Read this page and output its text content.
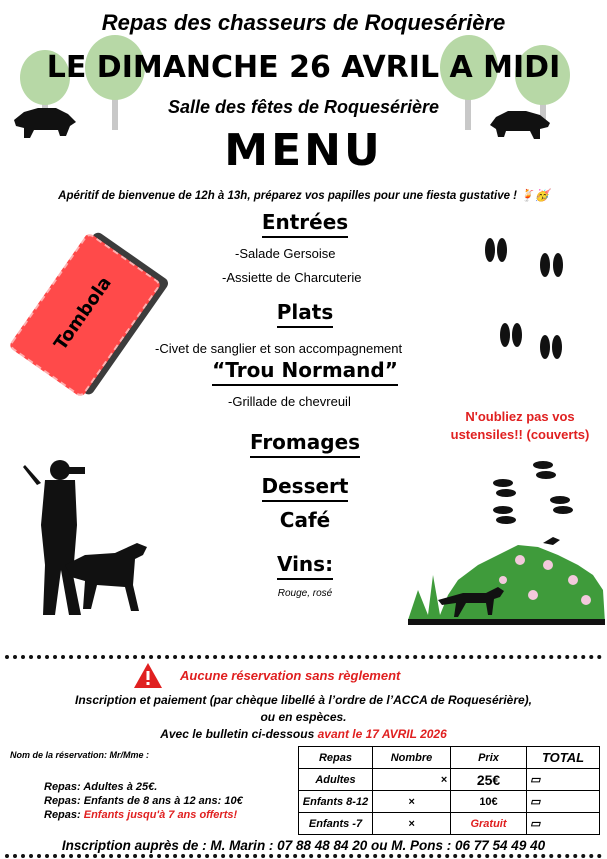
Repas des chasseurs de Roquesérière
LE DIMANCHE 26 AVRIL A MIDI
Salle des fêtes de Roquesérière
MENU
Apéritif de bienvenue de 12h à 13h, préparez vos papilles pour une fiesta gustative ! 🍹🥳
Tombola
Entrées
-Salade Gersoise
-Assiette de Charcuterie
Plats
-Civet de sanglier et son accompagnement
“Trou Normand”
-Grillade de chevreuil
Fromages
Dessert
Café
Vins:
Rouge, rosé
N'oubliez pas vos ustensiles!! (couverts)
Aucune réservation sans règlement
Inscription et paiement (par chèque libellé à l’ordre de l’ACCA de Roquesérière),
ou en espèces.
Avec le bulletin ci-dessous avant le 17 AVRIL 2026
Nom de la réservation: Mr/Mme :
Repas: Adultes à 25€.
Repas: Enfants de 8 ans à 12 ans: 10€
Repas: Enfants jusqu'à 7 ans offerts!
Repas	Nombre	Prix	TOTAL
Adultes	×	25€	▭
Enfants 8-12	×	10€	▭
Enfants -7	×	Gratuit	▭
Inscription auprès de : M. Marin : 07 88 48 84 20 ou M. Pons : 06 77 54 49 40
